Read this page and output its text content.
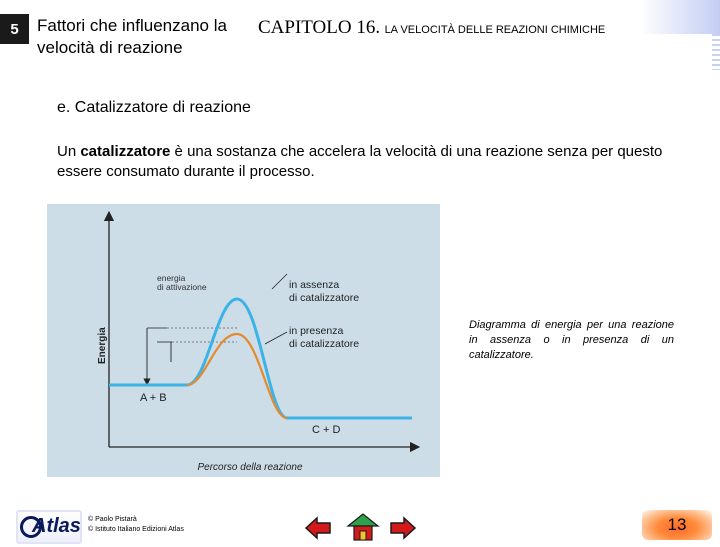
5 Fattori che influenzano la velocità di reazione
CAPITOLO 16. LA VELOCITÀ DELLE REAZIONI CHIMICHE
e. Catalizzatore di reazione
Un catalizzatore è una sostanza che accelera la velocità di una reazione senza per questo essere consumato durante il processo.
Energia
Percorso della reazione
energia
di attivazione	in assenza
di catalizzatore
in presenza
di catalizzatore
A + B
C + D
Diagramma di energia per una reazione in assenza o in presenza di un catalizzatore.
Atlas © Paolo Pistarà
© Istituto Italiano Edizioni Atlas	13
